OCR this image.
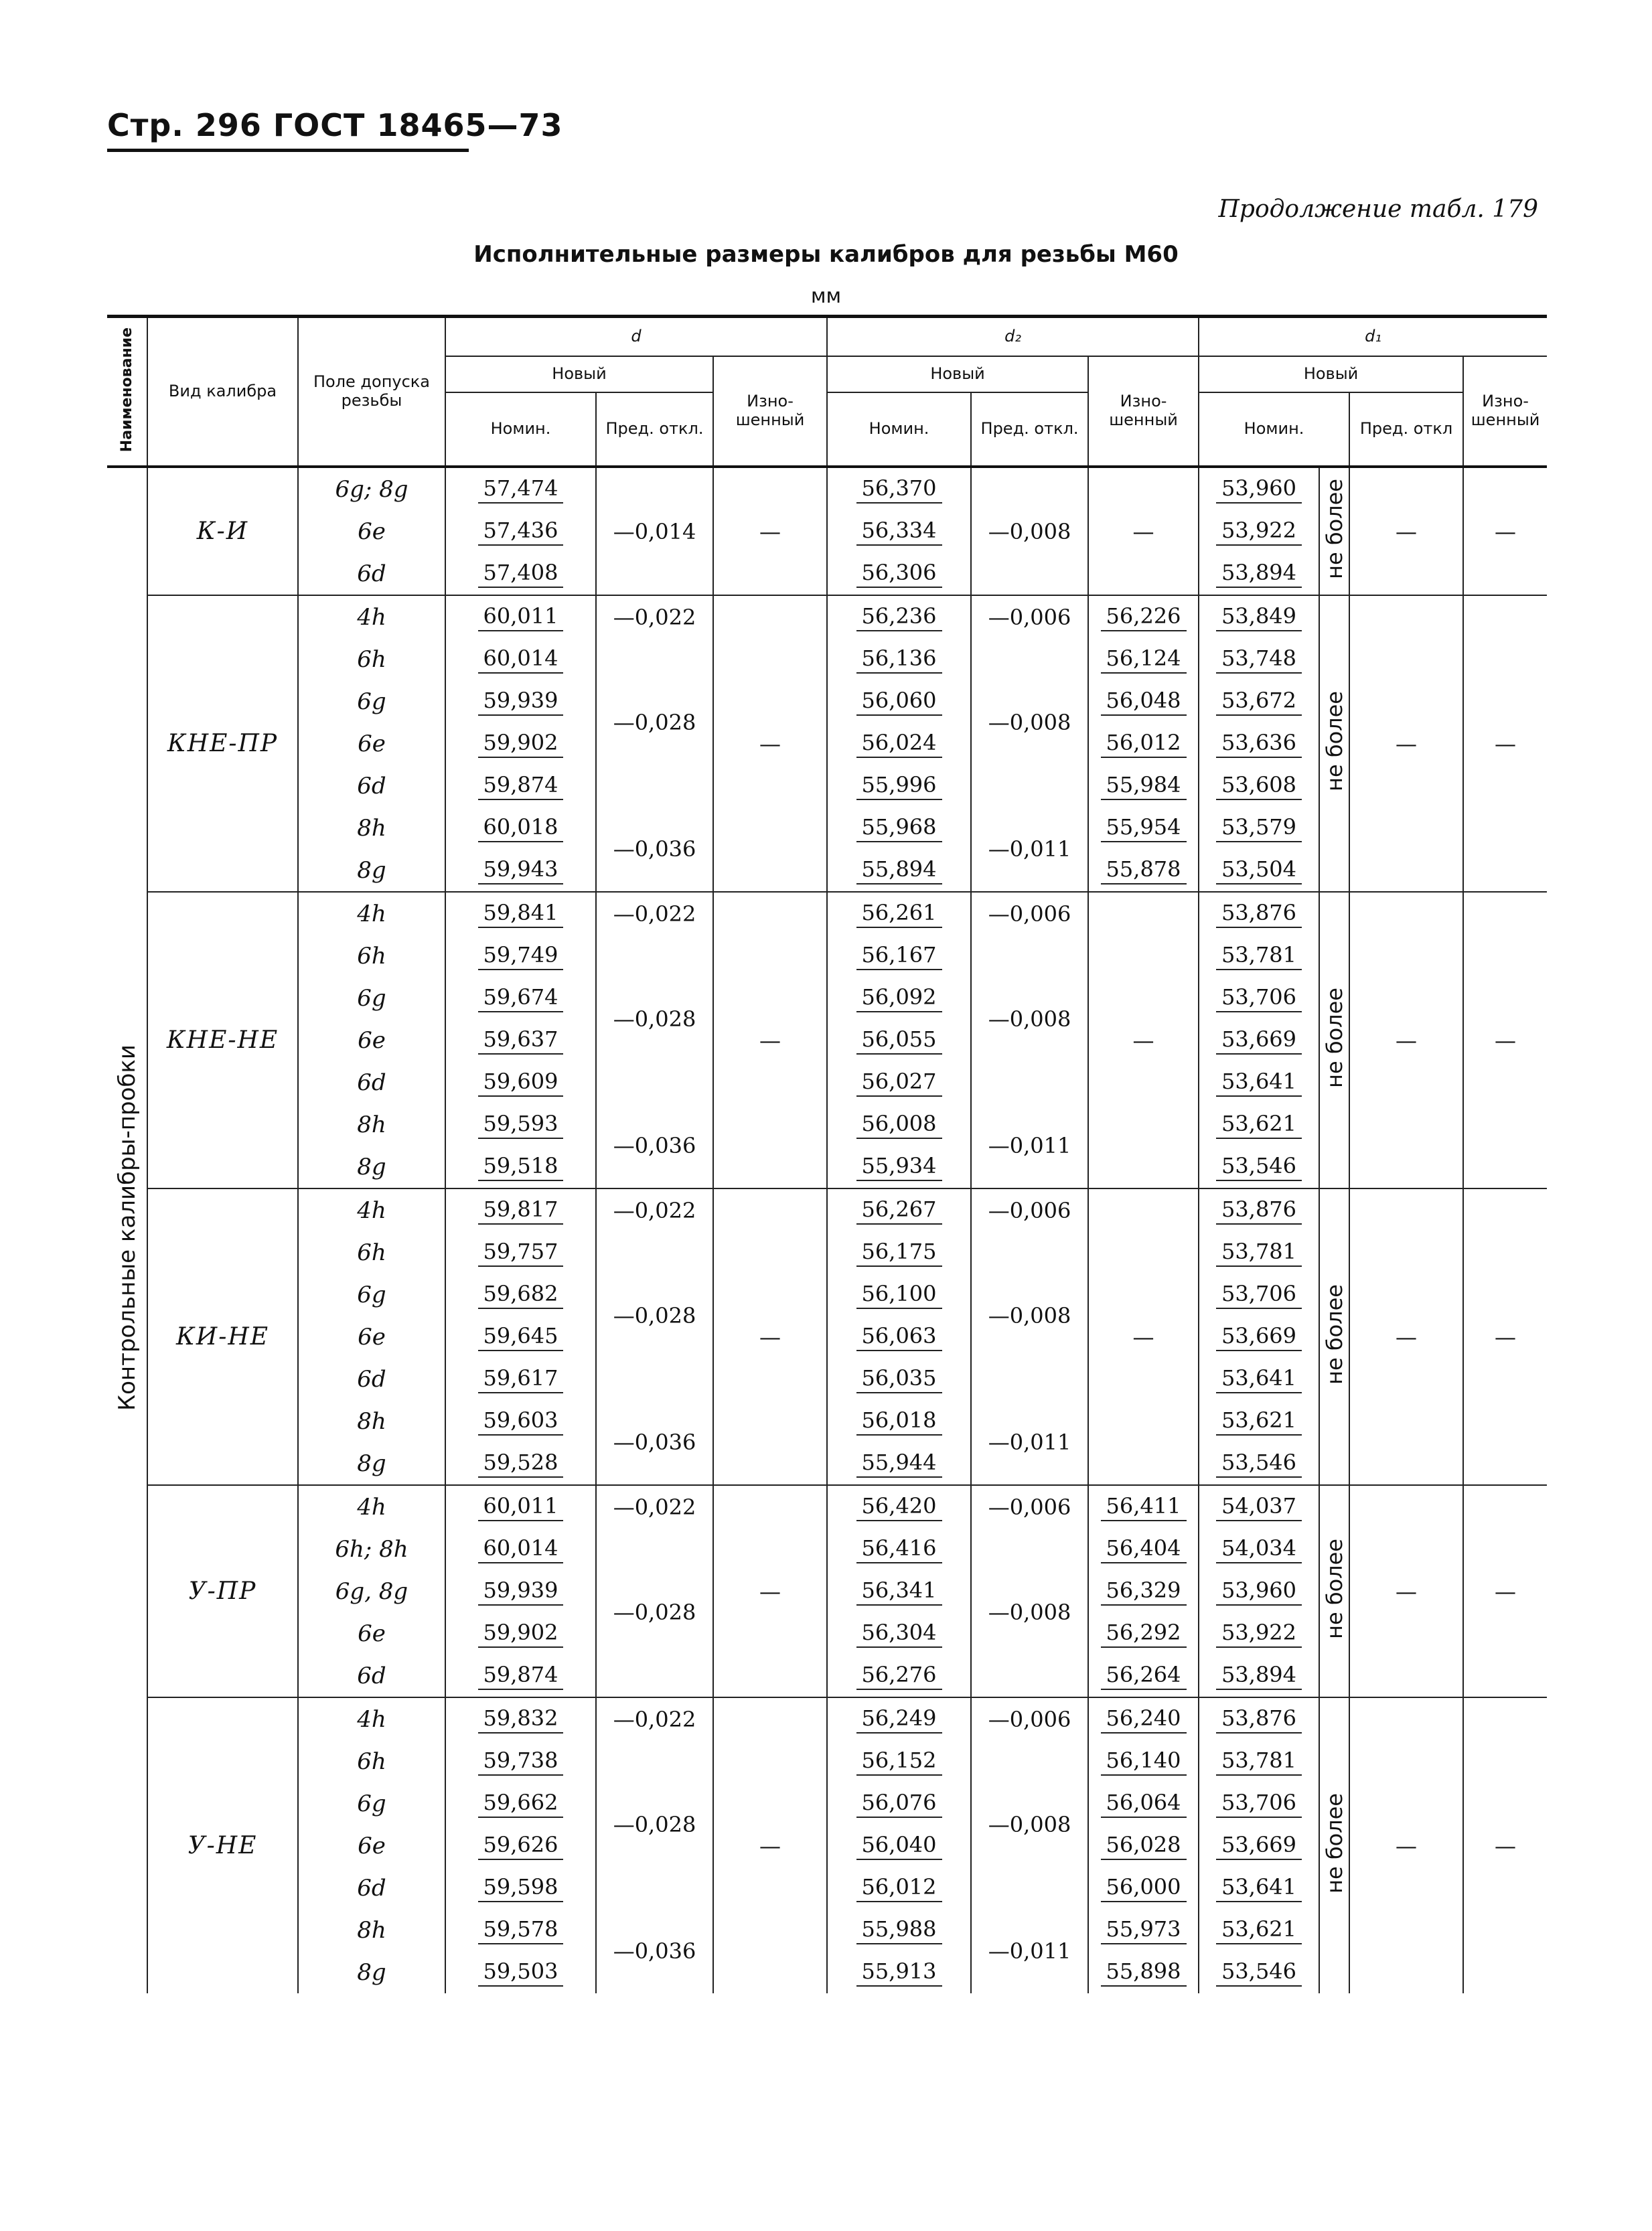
Стр. 296 ГОСТ 18465—73
Продолжение табл. 179
Исполнительные размеры калибров для резьбы М60
мм
Наименование	Вид калибра	Поле допуска резьбы	d			d₂			d₁			
			Новый		Изно-шенный	Новый		Изно-шенный	Новый			Изно-шенный
			Номин.	Пред. откл.		Номин.	Пред. откл.		Номин.		Пред. откл	
Контрольные калибры-пробки	К-И	6g; 8g	57,474	—0,014	—	56,370	—0,008	—	53,960	не более	—	—
		6e	57,436			56,334			53,922			
		6d	57,408			56,306			53,894			
	КНЕ-ПР	4h	60,011	—0,022	—	56,236	—0,006	56,226	53,849	не более	—	—
		6h	60,014	—0,028		56,136	—0,008	56,124	53,748			
		6g	59,939			56,060		56,048	53,672			
		6e	59,902			56,024		56,012	53,636			
		6d	59,874			55,996		55,984	53,608			
		8h	60,018	—0,036		55,968	—0,011	55,954	53,579			
		8g	59,943			55,894		55,878	53,504			
	КНЕ-НЕ	4h	59,841	—0,022	—	56,261	—0,006	—	53,876	не более	—	—
		6h	59,749	—0,028		56,167	—0,008		53,781			
		6g	59,674			56,092			53,706			
		6e	59,637			56,055			53,669			
		6d	59,609			56,027			53,641			
		8h	59,593	—0,036		56,008	—0,011		53,621			
		8g	59,518			55,934			53,546			
	КИ-НЕ	4h	59,817	—0,022	—	56,267	—0,006	—	53,876	не более	—	—
		6h	59,757	—0,028		56,175	—0,008		53,781			
		6g	59,682			56,100			53,706			
		6e	59,645			56,063			53,669			
		6d	59,617			56,035			53,641			
		8h	59,603	—0,036		56,018	—0,011		53,621			
		8g	59,528			55,944			53,546			
	У-ПР	4h	60,011	—0,022	—	56,420	—0,006	56,411	54,037	не более	—	—
		6h; 8h	60,014	—0,028		56,416	—0,008	56,404	54,034			
		6g, 8g	59,939			56,341		56,329	53,960			
		6e	59,902			56,304		56,292	53,922			
		6d	59,874			56,276		56,264	53,894			
	У-НЕ	4h	59,832	—0,022	—	56,249	—0,006	56,240	53,876	не более	—	—
		6h	59,738	—0,028		56,152	—0,008	56,140	53,781			
		6g	59,662			56,076		56,064	53,706			
		6e	59,626			56,040		56,028	53,669			
		6d	59,598			56,012		56,000	53,641			
		8h	59,578	—0,036		55,988	—0,011	55,973	53,621			
		8g	59,503			55,913		55,898	53,546			
